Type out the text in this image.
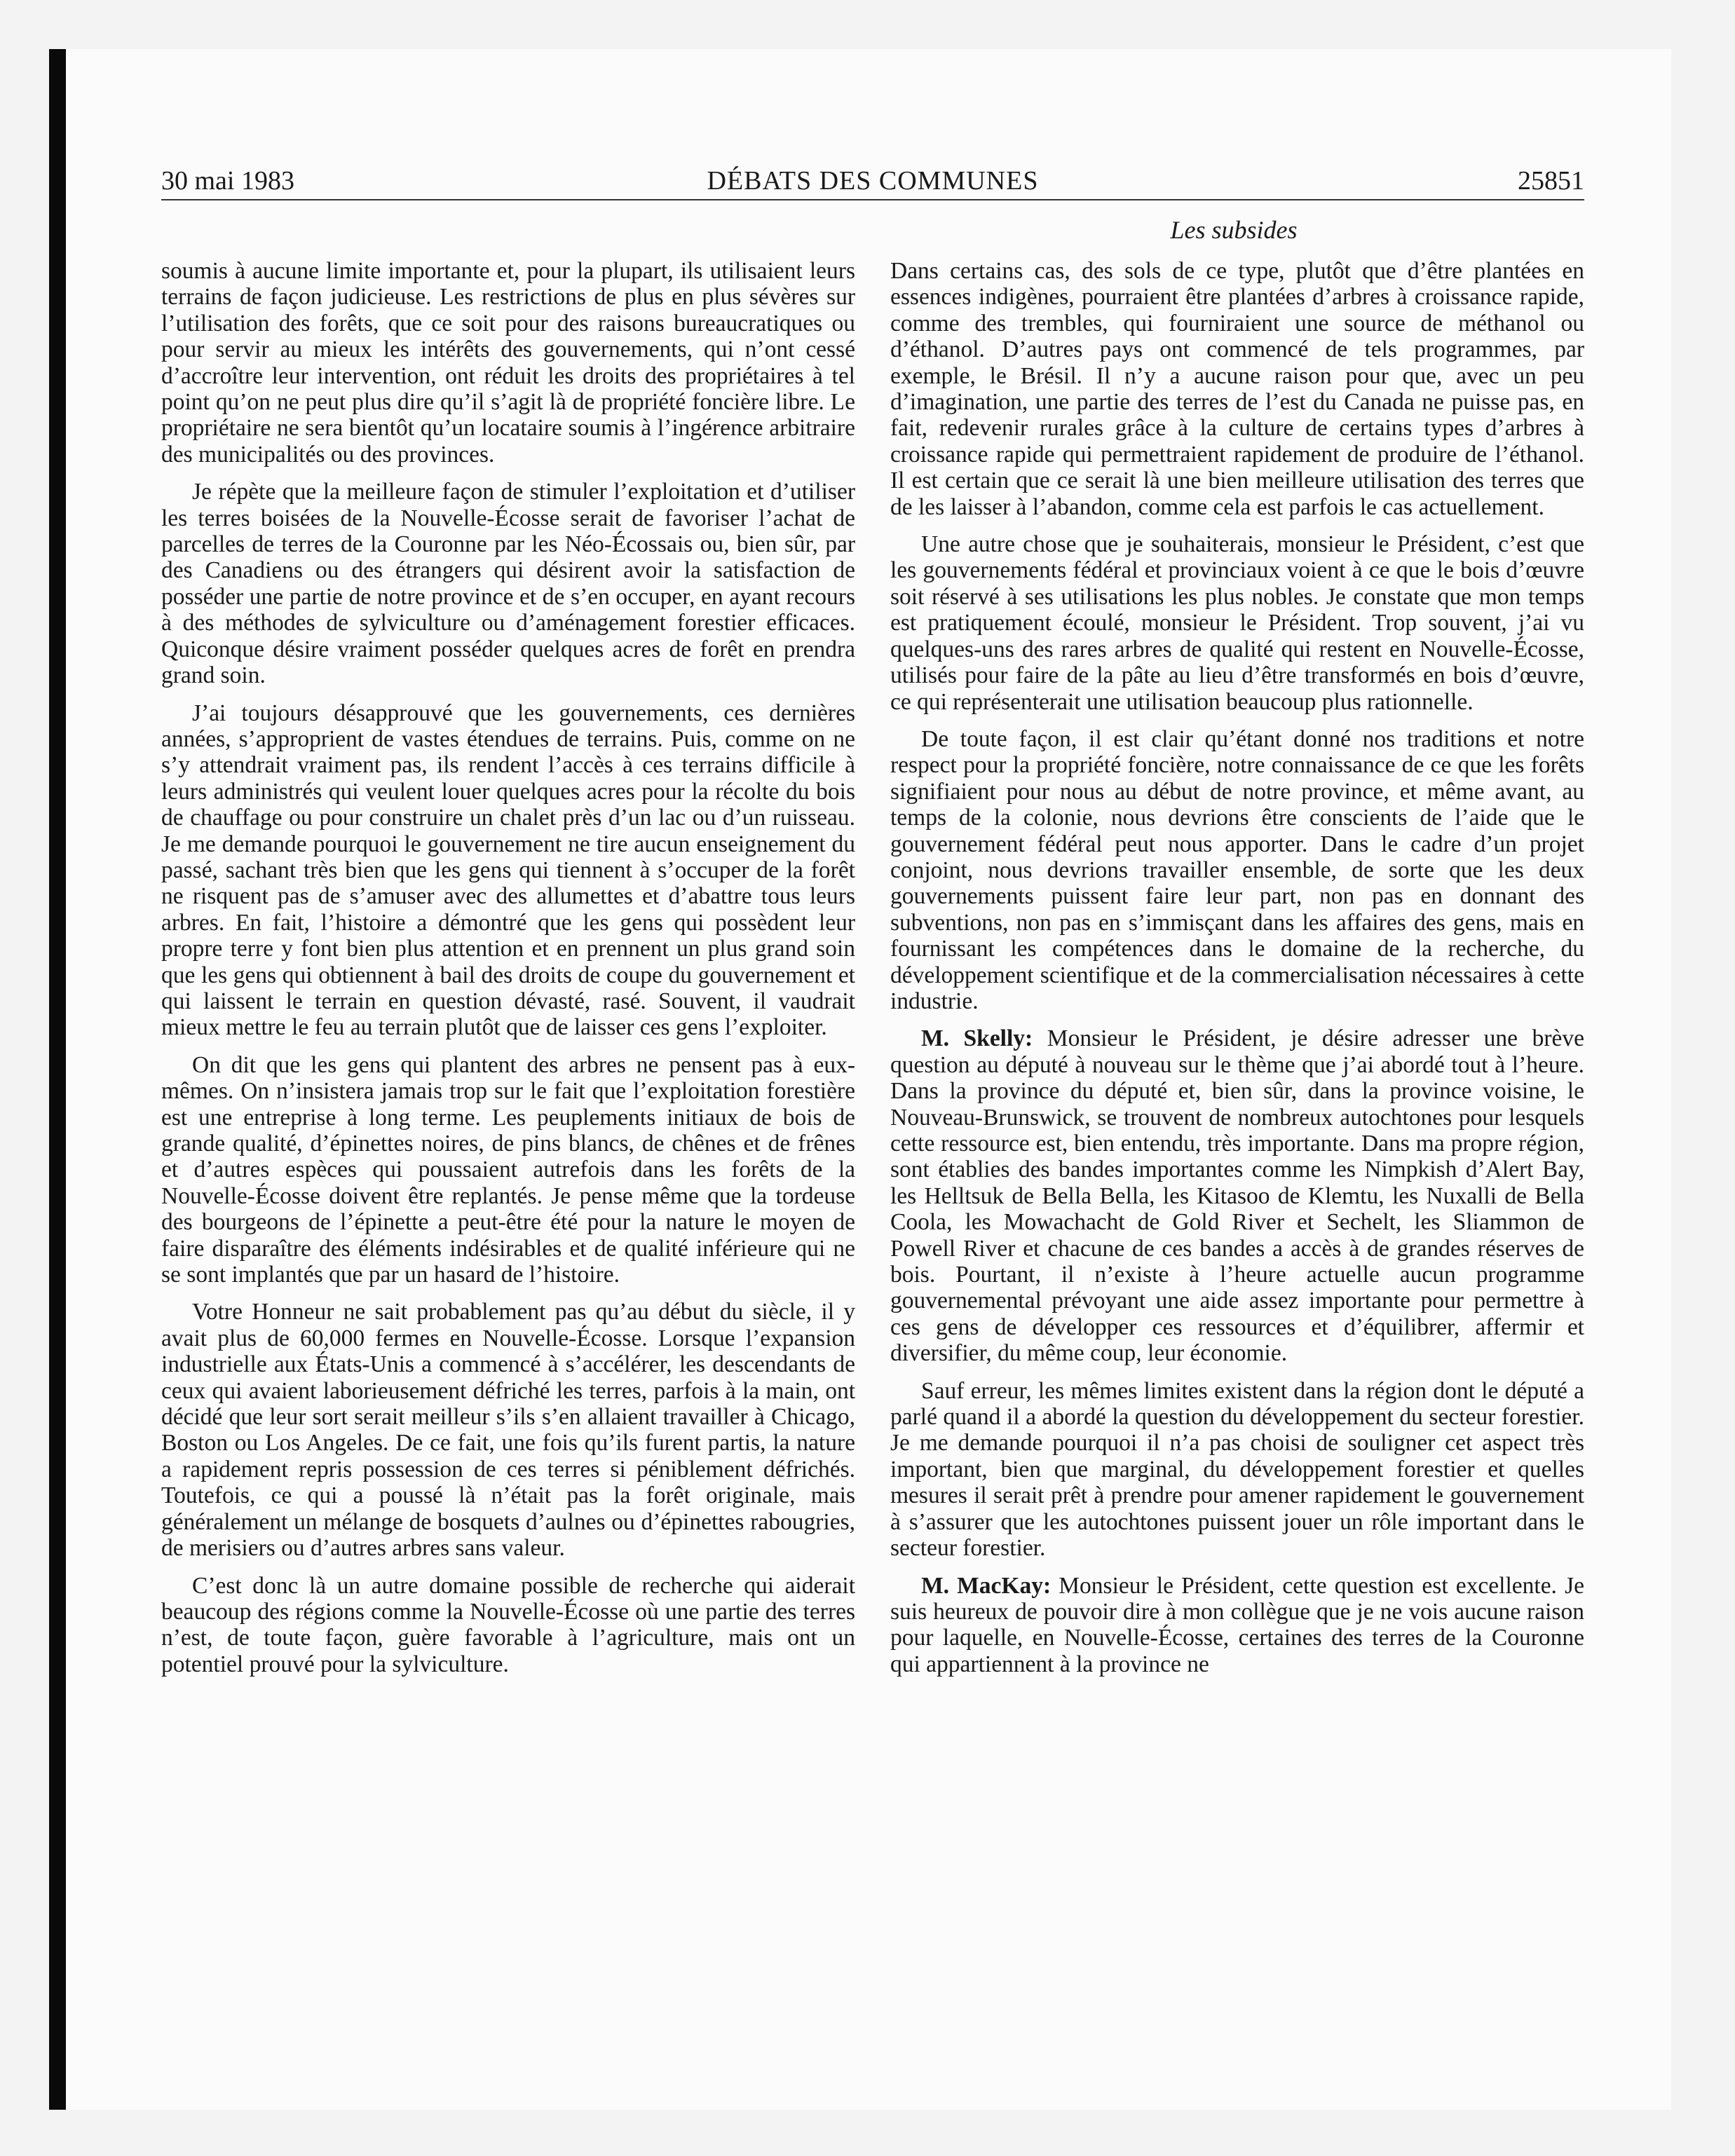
30 mai 1983	DÉBATS DES COMMUNES	25851
Les subsides

soumis à aucune limite importante et, pour la plupart, ils utilisaient leurs terrains de façon judicieuse. Les restrictions de plus en plus sévères sur l’utilisation des forêts, que ce soit pour des raisons bureaucratiques ou pour servir au mieux les intérêts des gouvernements, qui n’ont cessé d’accroître leur intervention, ont réduit les droits des propriétaires à tel point qu’on ne peut plus dire qu’il s’agit là de propriété foncière libre. Le propriétaire ne sera bientôt qu’un locataire soumis à l’ingérence arbitraire des municipalités ou des provinces.

Je répète que la meilleure façon de stimuler l’exploitation et d’utiliser les terres boisées de la Nouvelle-Écosse serait de favoriser l’achat de parcelles de terres de la Couronne par les Néo-Écossais ou, bien sûr, par des Canadiens ou des étrangers qui désirent avoir la satisfaction de posséder une partie de notre province et de s’en occuper, en ayant recours à des méthodes de sylviculture ou d’aménagement forestier efficaces. Quiconque désire vraiment posséder quelques acres de forêt en prendra grand soin.

J’ai toujours désapprouvé que les gouvernements, ces dernières années, s’approprient de vastes étendues de terrains. Puis, comme on ne s’y attendrait vraiment pas, ils rendent l’accès à ces terrains difficile à leurs administrés qui veulent louer quelques acres pour la récolte du bois de chauffage ou pour construire un chalet près d’un lac ou d’un ruisseau. Je me demande pourquoi le gouvernement ne tire aucun enseignement du passé, sachant très bien que les gens qui tiennent à s’occuper de la forêt ne risquent pas de s’amuser avec des allumettes et d’abattre tous leurs arbres. En fait, l’histoire a démontré que les gens qui possèdent leur propre terre y font bien plus attention et en prennent un plus grand soin que les gens qui obtiennent à bail des droits de coupe du gouvernement et qui laissent le terrain en question dévasté, rasé. Souvent, il vaudrait mieux mettre le feu au terrain plutôt que de laisser ces gens l’exploiter.

On dit que les gens qui plantent des arbres ne pensent pas à eux-mêmes. On n’insistera jamais trop sur le fait que l’exploitation forestière est une entreprise à long terme. Les peuplements initiaux de bois de grande qualité, d’épinettes noires, de pins blancs, de chênes et de frênes et d’autres espèces qui poussaient autrefois dans les forêts de la Nouvelle-Écosse doivent être replantés. Je pense même que la tordeuse des bourgeons de l’épinette a peut-être été pour la nature le moyen de faire disparaître des éléments indésirables et de qualité inférieure qui ne se sont implantés que par un hasard de l’histoire.

Votre Honneur ne sait probablement pas qu’au début du siècle, il y avait plus de 60,000 fermes en Nouvelle-Écosse. Lorsque l’expansion industrielle aux États-Unis a commencé à s’accélérer, les descendants de ceux qui avaient laborieusement défriché les terres, parfois à la main, ont décidé que leur sort serait meilleur s’ils s’en allaient travailler à Chicago, Boston ou Los Angeles. De ce fait, une fois qu’ils furent partis, la nature a rapidement repris possession de ces terres si péniblement défrichés. Toutefois, ce qui a poussé là n’était pas la forêt originale, mais généralement un mélange de bosquets d’aulnes ou d’épinettes rabougries, de merisiers ou d’autres arbres sans valeur.

C’est donc là un autre domaine possible de recherche qui aiderait beaucoup des régions comme la Nouvelle-Écosse où une partie des terres n’est, de toute façon, guère favorable à l’agriculture, mais ont un potentiel prouvé pour la sylviculture.

Dans certains cas, des sols de ce type, plutôt que d’être plantées en essences indigènes, pourraient être plantées d’arbres à croissance rapide, comme des trembles, qui fourniraient une source de méthanol ou d’éthanol. D’autres pays ont commencé de tels programmes, par exemple, le Brésil. Il n’y a aucune raison pour que, avec un peu d’imagination, une partie des terres de l’est du Canada ne puisse pas, en fait, redevenir rurales grâce à la culture de certains types d’arbres à croissance rapide qui permettraient rapidement de produire de l’éthanol. Il est certain que ce serait là une bien meilleure utilisation des terres que de les laisser à l’abandon, comme cela est parfois le cas actuellement.

Une autre chose que je souhaiterais, monsieur le Président, c’est que les gouvernements fédéral et provinciaux voient à ce que le bois d’œuvre soit réservé à ses utilisations les plus nobles. Je constate que mon temps est pratiquement écoulé, monsieur le Président. Trop souvent, j’ai vu quelques-uns des rares arbres de qualité qui restent en Nouvelle-Écosse, utilisés pour faire de la pâte au lieu d’être transformés en bois d’œuvre, ce qui représenterait une utilisation beaucoup plus rationnelle.

De toute façon, il est clair qu’étant donné nos traditions et notre respect pour la propriété foncière, notre connaissance de ce que les forêts signifiaient pour nous au début de notre province, et même avant, au temps de la colonie, nous devrions être conscients de l’aide que le gouvernement fédéral peut nous apporter. Dans le cadre d’un projet conjoint, nous devrions travailler ensemble, de sorte que les deux gouvernements puissent faire leur part, non pas en donnant des subventions, non pas en s’immisçant dans les affaires des gens, mais en fournissant les compétences dans le domaine de la recherche, du développement scientifique et de la commercialisation nécessaires à cette industrie.

M. Skelly: Monsieur le Président, je désire adresser une brève question au député à nouveau sur le thème que j’ai abordé tout à l’heure. Dans la province du député et, bien sûr, dans la province voisine, le Nouveau-Brunswick, se trouvent de nombreux autochtones pour lesquels cette ressource est, bien entendu, très importante. Dans ma propre région, sont établies des bandes importantes comme les Nimpkish d’Alert Bay, les Helltsuk de Bella Bella, les Kitasoo de Klemtu, les Nuxalli de Bella Coola, les Mowachacht de Gold River et Sechelt, les Sliammon de Powell River et chacune de ces bandes a accès à de grandes réserves de bois. Pourtant, il n’existe à l’heure actuelle aucun programme gouvernemental prévoyant une aide assez importante pour permettre à ces gens de développer ces ressources et d’équilibrer, affermir et diversifier, du même coup, leur économie.

Sauf erreur, les mêmes limites existent dans la région dont le député a parlé quand il a abordé la question du développement du secteur forestier. Je me demande pourquoi il n’a pas choisi de souligner cet aspect très important, bien que marginal, du développement forestier et quelles mesures il serait prêt à prendre pour amener rapidement le gouvernement à s’assurer que les autochtones puissent jouer un rôle important dans le secteur forestier.

M. MacKay: Monsieur le Président, cette question est excellente. Je suis heureux de pouvoir dire à mon collègue que je ne vois aucune raison pour laquelle, en Nouvelle-Écosse, certaines des terres de la Couronne qui appartiennent à la province ne
